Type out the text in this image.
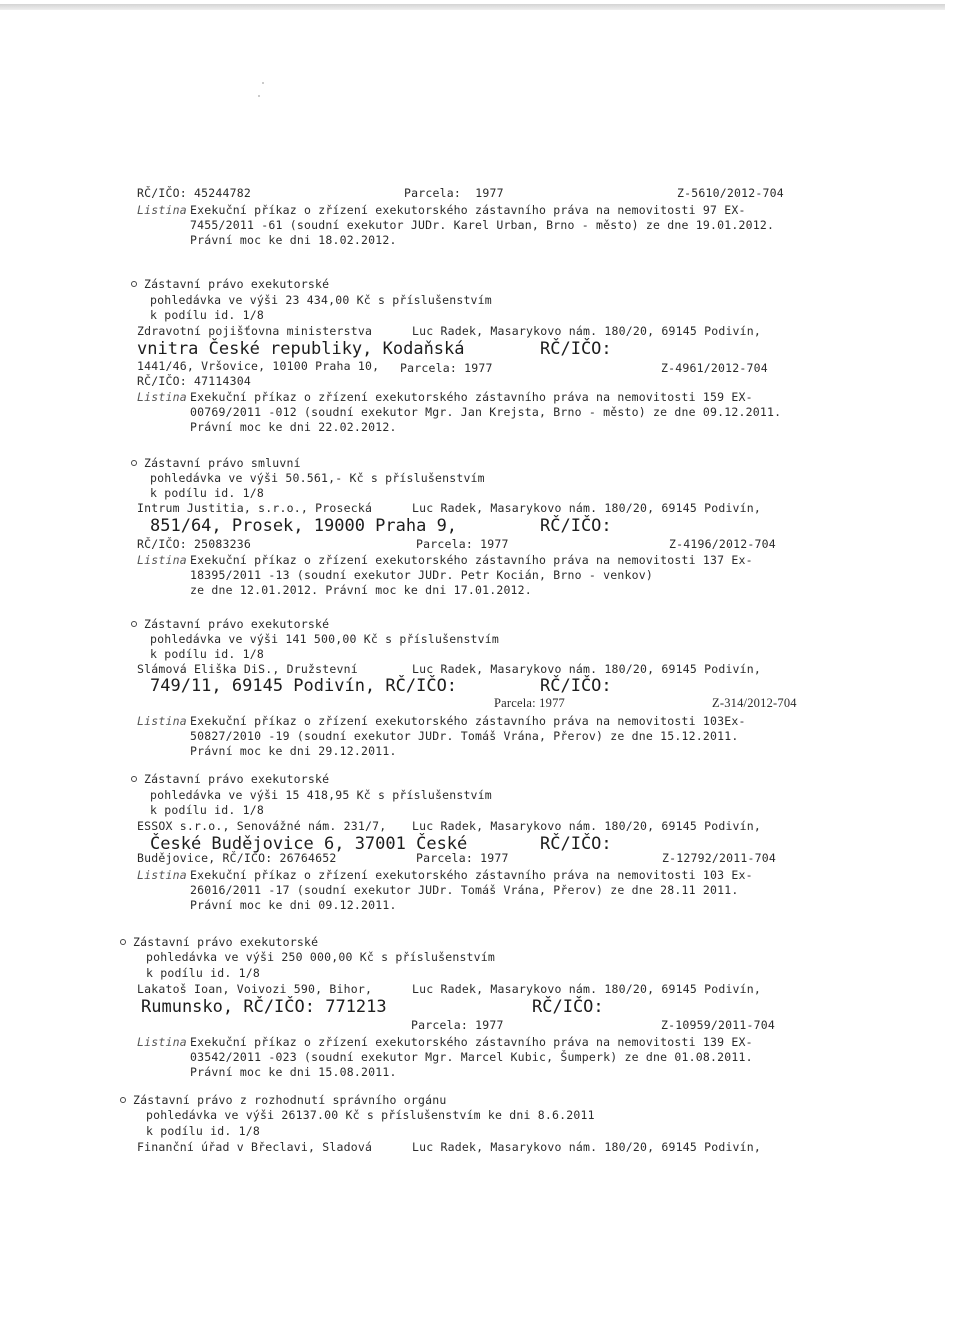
RČ/IČO: 45244782	Parcela:  1977	Z-5610/2012-704
Listina Exekuční příkaz o zřízení exekutorského zástavního práva na nemovitosti 97 EX-
7455/2011 -61 (soudní exekutor JUDr. Karel Urban, Brno - město) ze dne 19.01.2012.
Právní moc ke dni 18.02.2012.
Zástavní právo exekutorské
pohledávka ve výši 23 434,00 Kč s příslušenstvím
k podílu id. 1/8
Zdravotní pojišťovna ministerstva	Luc Radek, Masarykovo nám. 180/20, 69145 Podivín,
vnitra České republiky, Kodaňská	RČ/IČO:
1441/46, Vršovice, 10100 Praha 10, Parcela: 1977	Z-4961/2012-704
RČ/IČO: 47114304
Listina Exekuční příkaz o zřízení exekutorského zástavního práva na nemovitosti 159 EX-
00769/2011 -012 (soudní exekutor Mgr. Jan Krejsta, Brno - město) ze dne 09.12.2011.
Právní moc ke dni 22.02.2012.
Zástavní právo smluvní
pohledávka ve výši 50.561,- Kč s příslušenstvím
k podílu id. 1/8
Intrum Justitia, s.r.o., Prosecká	Luc Radek, Masarykovo nám. 180/20, 69145 Podivín,
851/64, Prosek, 19000 Praha 9,	RČ/IČO:
RČ/IČO: 25083236	Parcela: 1977	Z-4196/2012-704
Listina Exekuční příkaz o zřízení exekutorského zástavního práva na nemovitosti 137 Ex-
18395/2011 -13 (soudní exekutor JUDr. Petr Kocián, Brno - venkov)
ze dne 12.01.2012. Právní moc ke dni 17.01.2012.
Zástavní právo exekutorské
pohledávka ve výši 141 500,00 Kč s příslušenstvím
k podílu id. 1/8
Slámová Eliška DiS., Družstevní	Luc Radek, Masarykovo nám. 180/20, 69145 Podivín,
749/11, 69145 Podivín, RČ/IČO:	RČ/IČO:
Parcela: 1977	Z-314/2012-704
Listina Exekuční příkaz o zřízení exekutorského zástavního práva na nemovitosti 103Ex-
50827/2010 -19 (soudní exekutor JUDr. Tomáš Vrána, Přerov) ze dne 15.12.2011.
Právní moc ke dni 29.12.2011.
Zástavní právo exekutorské
pohledávka ve výši 15 418,95 Kč s příslušenstvím
k podílu id. 1/8
ESSOX s.r.o., Senovážné nám. 231/7, Luc Radek, Masarykovo nám. 180/20, 69145 Podivín,
České Budějovice 6, 37001 České	RČ/IČO:
Budějovice, RČ/IČO: 26764652	Parcela: 1977	Z-12792/2011-704
Listina Exekuční příkaz o zřízení exekutorského zástavního práva na nemovitosti 103 Ex-
26016/2011 -17 (soudní exekutor JUDr. Tomáš Vrána, Přerov) ze dne 28.11 2011.
Právní moc ke dni 09.12.2011.
Zástavní právo exekutorské
pohledávka ve výši 250 000,00 Kč s příslušenstvím
k podílu id. 1/8
Lakatoš Ioan, Voivozi 590, Bihor,	Luc Radek, Masarykovo nám. 180/20, 69145 Podivín,
Rumunsko, RČ/IČO: 771213	RČ/IČO:
Parcela: 1977	Z-10959/2011-704
Listina Exekuční příkaz o zřízení exekutorského zástavního práva na nemovitosti 139 EX-
03542/2011 -023 (soudní exekutor Mgr. Marcel Kubic, Šumperk) ze dne 01.08.2011.
Právní moc ke dni 15.08.2011.
Zástavní právo z rozhodnutí správního orgánu
pohledávka ve výši 26137.00 Kč s příslušenstvím ke dni 8.6.2011
k podílu id. 1/8
Finanční úřad v Břeclavi, Sladová	Luc Radek, Masarykovo nám. 180/20, 69145 Podivín,
